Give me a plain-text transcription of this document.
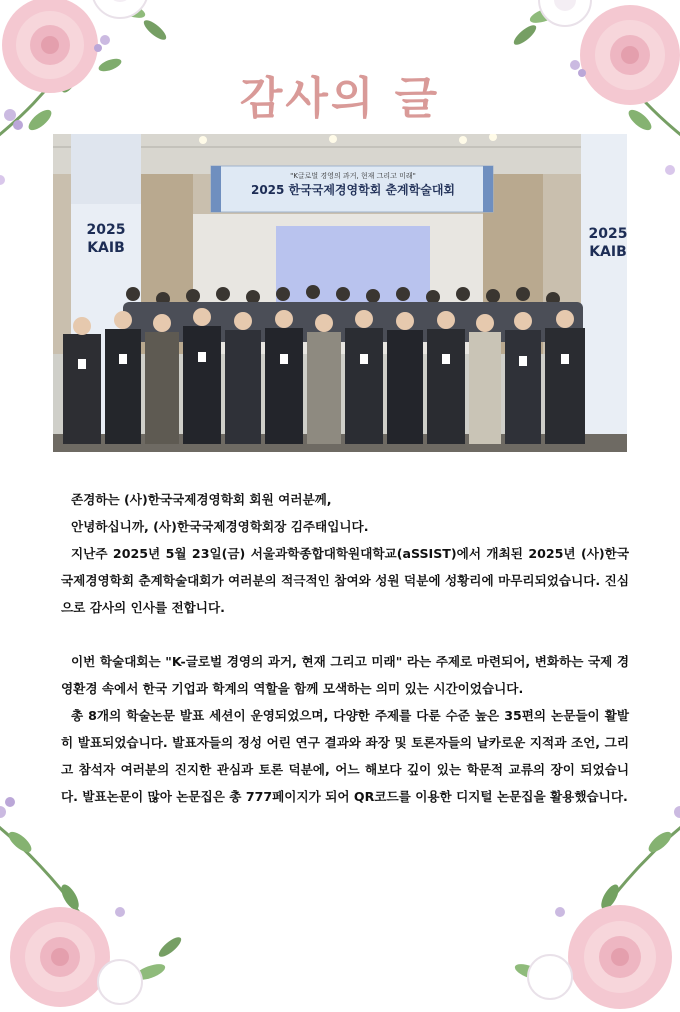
감사의 글
"K글로벌 경영의 과거, 현재 그리고 미래"
2025 한국국제경영학회 춘계학술대회
2025
KAIB
2025
KAIB

존경하는 (사)한국국제경영학회 회원 여러분께,

안녕하십니까, (사)한국국제경영학회장 김주태입니다.

지난주 2025년 5월 23일(금) 서울과학종합대학원대학교(aSSIST)에서 개최된 2025년 (사)한국국제경영학회 춘계학술대회가 여러분의 적극적인 참여와 성원 덕분에 성황리에 마무리되었습니다. 진심으로 감사의 인사를 전합니다.

이번 학술대회는 "K-글로벌 경영의 과거, 현재 그리고 미래" 라는 주제로 마련되어, 변화하는 국제 경영환경 속에서 한국 기업과 학계의 역할을 함께 모색하는 의미 있는 시간이었습니다.

총 8개의 학술논문 발표 세션이 운영되었으며, 다양한 주제를 다룬 수준 높은 35편의 논문들이 활발히 발표되었습니다. 발표자들의 정성 어린 연구 결과와 좌장 및 토론자들의 날카로운 지적과 조언, 그리고 참석자 여러분의 진지한 관심과 토론 덕분에, 어느 해보다 깊이 있는 학문적 교류의 장이 되었습니다. 발표논문이 많아 논문집은 총 777페이지가 되어 QR코드를 이용한 디지털 논문집을 활용했습니다.
